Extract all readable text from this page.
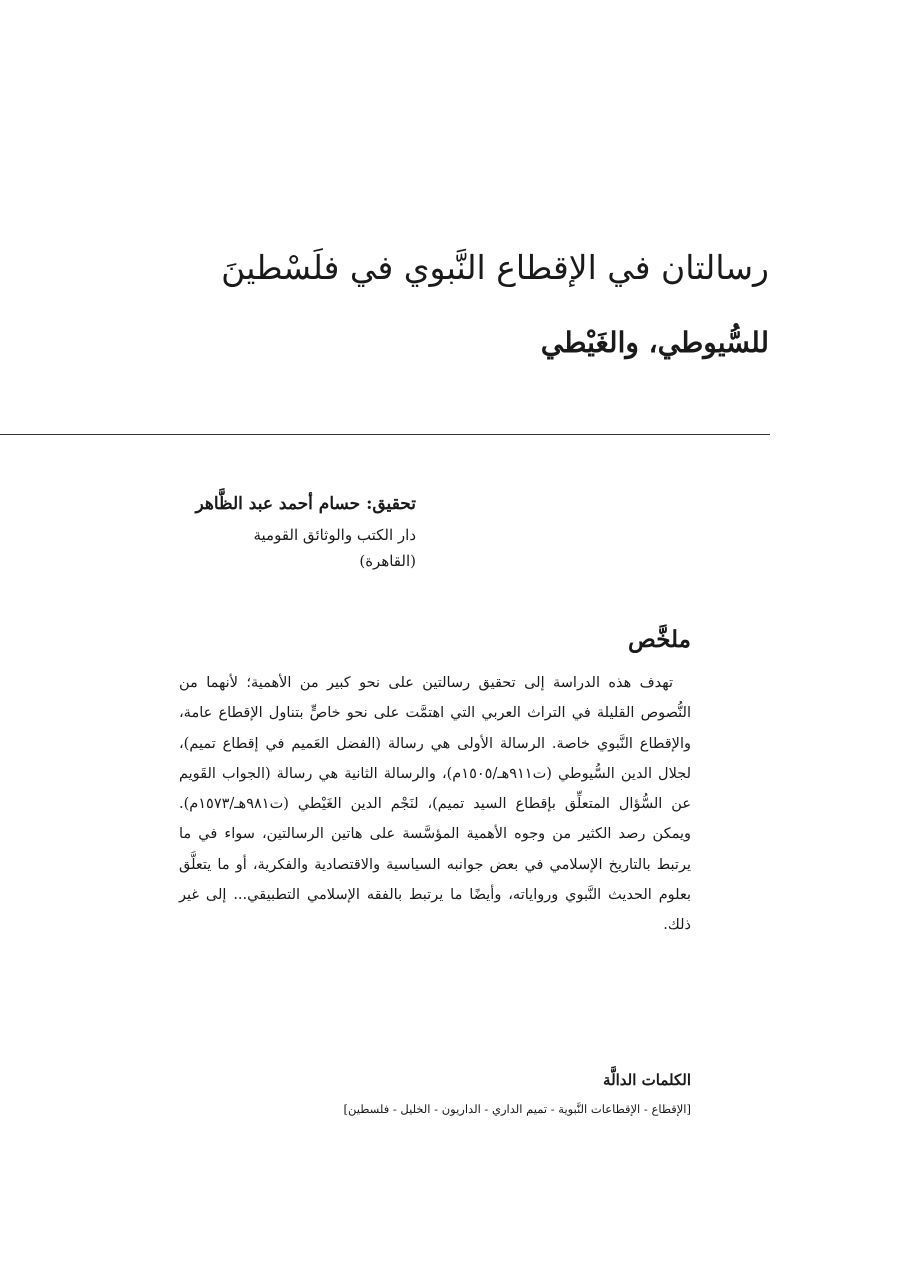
رسالتان في الإقطاع النَّبوي في فلَسْطينَ
للسُّيوطي، والغَيْطي
تحقيق: حسام أحمد عبد الظَّاهر
دار الكتب والوثائق القومية
(القاهرة)
ملخَّص

تهدف هذه الدراسة إلى تحقيق رسالتين على نحو كبير من الأهمية؛ لأنهما من النُّصوص القليلة في التراث العربي التي اهتمَّت على نحو خاصٍّ بتناول الإقطاع عامة، والإقطاع النَّبوي خاصة. الرسالة الأولى هي رسالة (الفضل العَميم في إقطاع تميم)، لجلال الدين السُّيوطي (ت٩١١هـ/١٥٠٥م)، والرسالة الثانية هي رسالة (الجواب القَويم عن السُّؤال المتعلِّق بإقطاع السيد تميم)، لنَجْم الدين الغَيْطي (ت٩٨١هـ/١٥٧٣م). ويمكن رصد الكثير من وجوه الأهمية المؤسَّسة على هاتين الرسالتين، سواء في ما يرتبط بالتاريخ الإسلامي في بعض جوانبه السياسية والاقتصادية والفكرية، أو ما يتعلَّق بعلوم الحديث النَّبوي ورواياته، وأيضًا ما يرتبط بالفقه الإسلامي التطبيقي... إلى غير ذلك.

الكلمات الدالَّة

[الإقطاع - الإقطاعات النَّبوية - تميم الداري - الداريون - الخليل - فلسطين]
